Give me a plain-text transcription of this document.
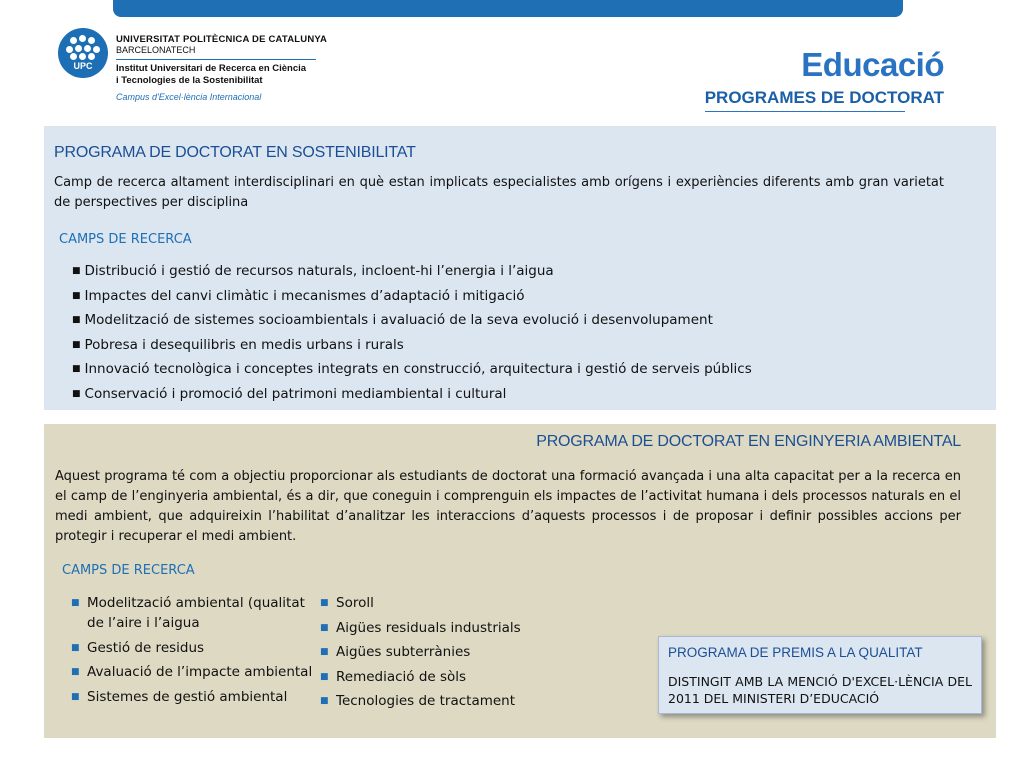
UPC
UNIVERSITAT POLITÈCNICA DE CATALUNYA
BARCELONATECH
Institut Universitari de Recerca en Ciència
i Tecnologies de la Sostenibilitat
Campus d'Excel·lència Internacional
Educació
PROGRAMES DE DOCTORAT
PROGRAMA DE DOCTORAT EN SOSTENIBILITAT
Camp de recerca altament interdisciplinari en què estan implicats especialistes amb orígens i experiències diferents amb gran varietat de perspectives per disciplina
CAMPS DE RECERCA
■ Distribució i gestió de recursos naturals, incloent-hi l’energia i l’aigua
■ Impactes del canvi climàtic i mecanismes d’adaptació i mitigació
■ Modelització de sistemes socioambientals i avaluació de la seva evolució i desenvolupament
■ Pobresa i desequilibris en medis urbans i rurals
■ Innovació tecnològica i conceptes integrats en construcció, arquitectura i gestió de serveis públics
■ Conservació i promoció del patrimoni mediambiental i cultural
PROGRAMA DE DOCTORAT EN ENGINYERIA AMBIENTAL
Aquest programa té com a objectiu proporcionar als estudiants de doctorat una formació avançada i una alta capacitat per a la recerca en el camp de l’enginyeria ambiental, és a dir, que coneguin i comprenguin els impactes de l’activitat humana i dels processos naturals en el medi ambient, que adquireixin l’habilitat d’analitzar les interaccions d’aquests processos i de proposar i definir possibles accions per protegir i recuperar el medi ambient.
CAMPS DE RECERCA
■ Modelització ambiental (qualitat de l’aire i l’aigua
■ Gestió de residus
■ Avaluació de l’impacte ambiental
■ Sistemes de gestió ambiental
■ Soroll
■ Aigües residuals industrials
■ Aigües subterrànies
■ Remediació de sòls
■ Tecnologies de tractament
PROGRAMA DE PREMIS A LA QUALITAT
DISTINGIT AMB LA MENCIÓ D'EXCEL·LÈNCIA DEL 2011 DEL MINISTERI D’EDUCACIÓ
